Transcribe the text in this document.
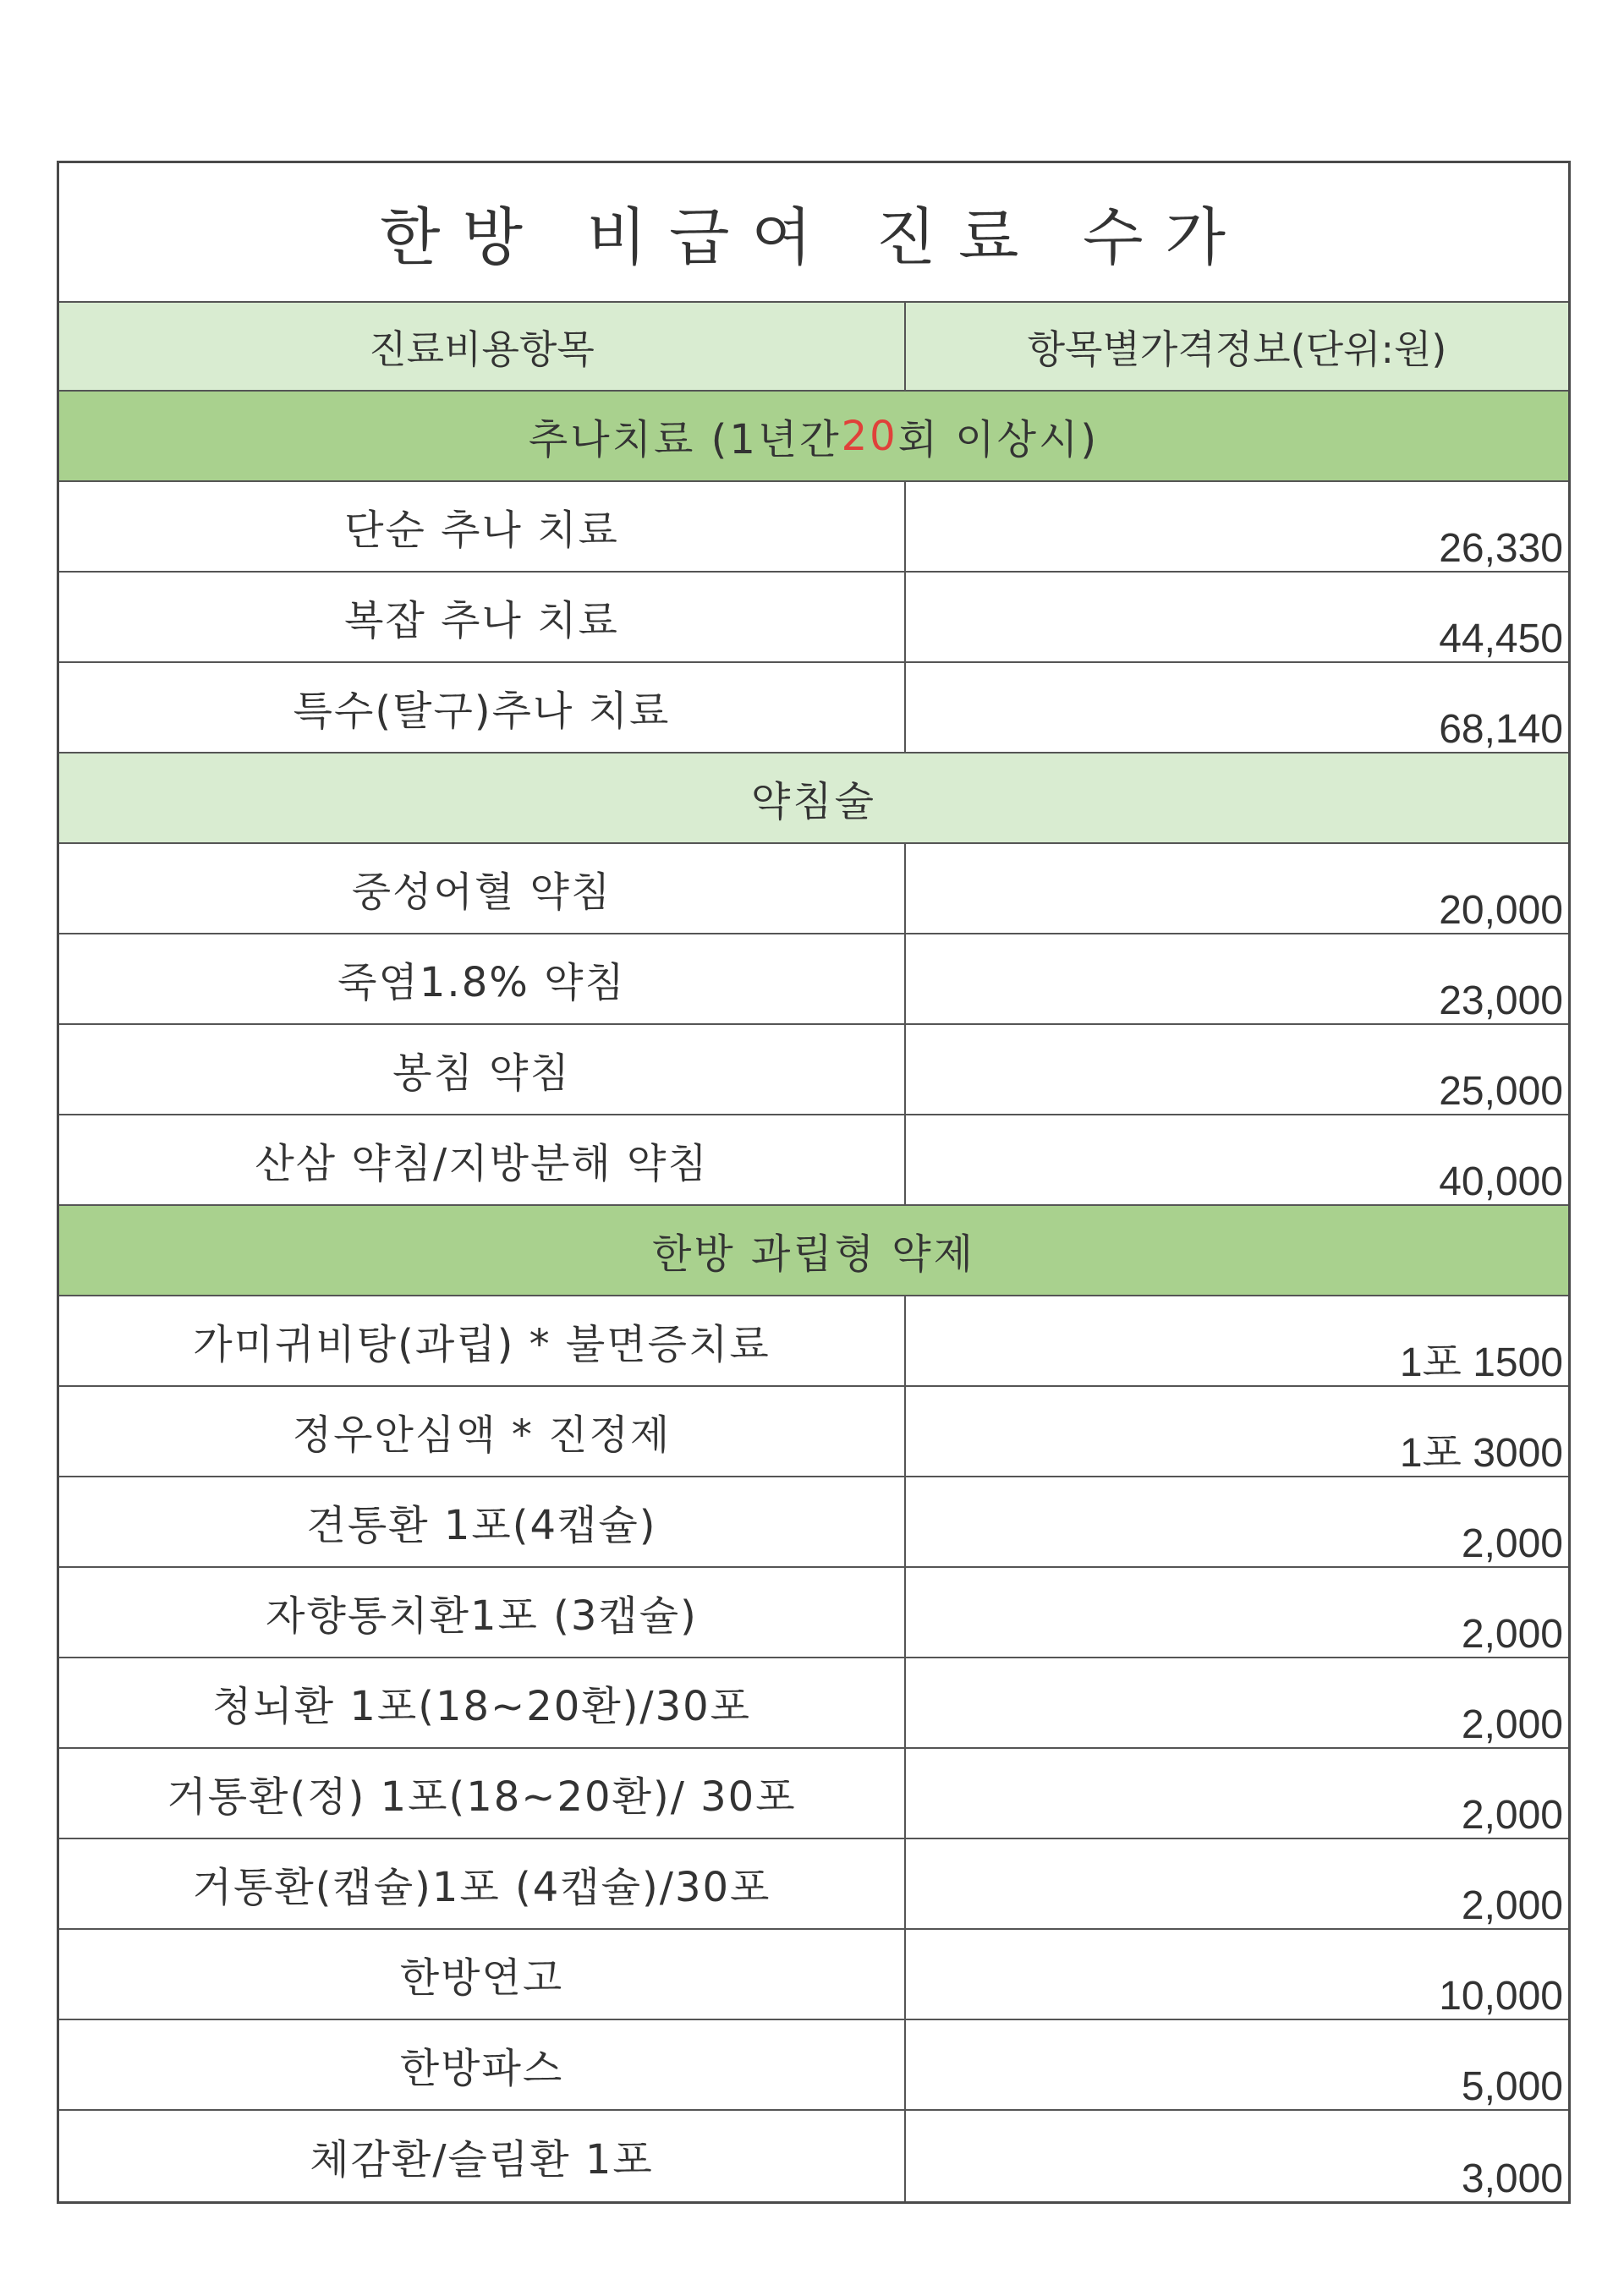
한방 비급여 진료 수가
진료비용항목	항목별가격정보(단위:원)
추나치료 (1년간 20 회 이상시)
단순 추나 치료	26,330
복잡 추나 치료	44,450
특수(탈구)추나 치료	68,140
약침술
중성어혈 약침	20,000
죽염1.8% 약침	23,000
봉침 약침	25,000
산삼 약침/지방분해 약침	40,000
한방 과립형 약제
가미귀비탕(과립) * 불면증치료	1포 1500
정우안심액 * 진정제	1포 3000
견통환 1포(4캡슐)	2,000
자향통치환1포 (3캡슐)	2,000
청뇌환 1포(18~20환)/30포	2,000
거통환(정) 1포(18~20환)/ 30포	2,000
거통환(캡슐)1포 (4캡슐)/30포	2,000
한방연고	10,000
한방파스	5,000
체감환/슬림환 1포	3,000
